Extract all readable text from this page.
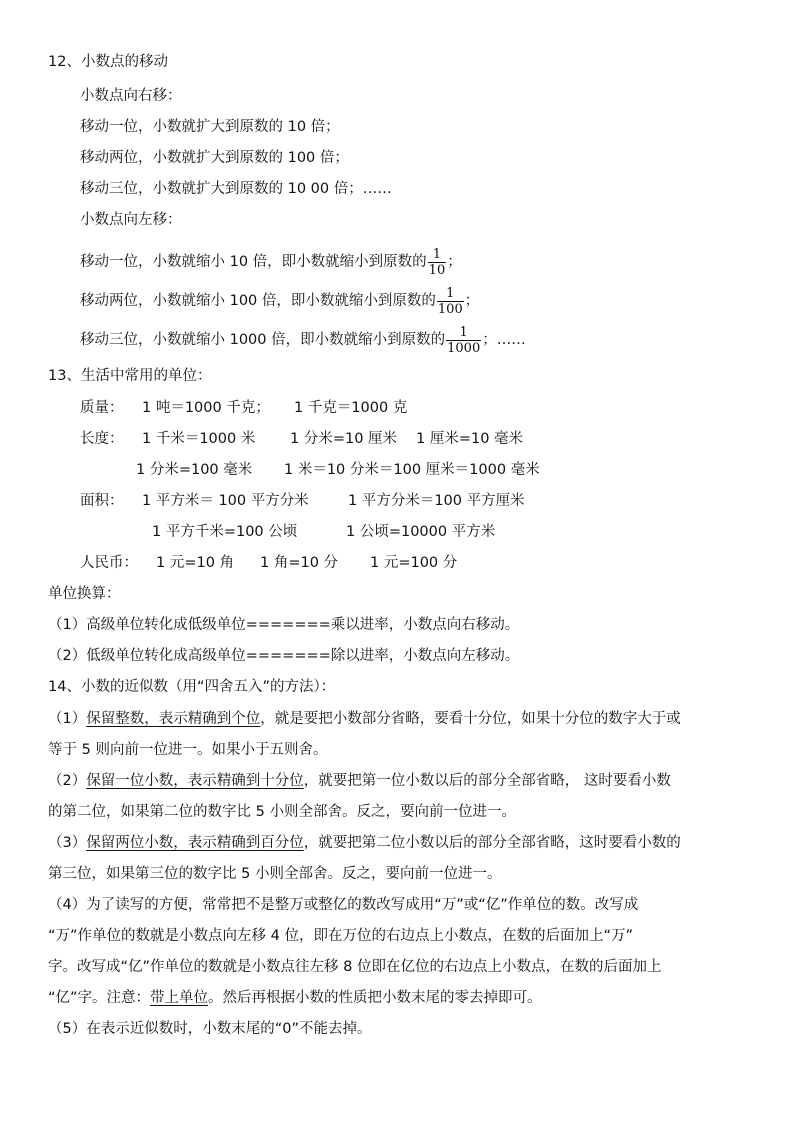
12、小数点的移动
小数点向右移：
移动一位，小数就扩大到原数的 10 倍；
移动两位，小数就扩大到原数的 100 倍；
移动三位，小数就扩大到原数的 10 00 倍；……
小数点向左移：
移动一位，小数就缩小 10 倍，即小数就缩小到原数的 $\frac{1}{10}$ ；
移动两位，小数就缩小 100 倍，即小数就缩小到原数的 $\frac{1}{100}$ ；
移动三位，小数就缩小 1000 倍，即小数就缩小到原数的 $\frac{1}{1000}$ ；……
13、生活中常用的单位：
质量： 1 吨＝1000 千克； 1 千克＝1000 克
长度： 1 千米＝1000 米 1 分米=10 厘米 1 厘米=10 毫米
1 分米=100 毫米 1 米＝10 分米＝100 厘米＝1000 毫米
面积： 1 平方米＝ 100 平方分米	1 平方分米＝100 平方厘米
1 平方千米=100 公顷	1 公顷=10000 平方米
人民币： 1 元=10 角 1 角=10 分 1 元=100 分
单位换算：
（1）高级单位转化成低级单位=======乘以进率，小数点向右移动。
（2）低级单位转化成高级单位=======除以进率，小数点向左移动。
14、小数的近似数（用“四舍五入”的方法）：
（1）保留整数，表示精确到个位，就是要把小数部分省略，要看十分位，如果十分位的数字大于或
等于 5 则向前一位进一。如果小于五则舍。
（2）保留一位小数，表示精确到十分位，就要把第一位小数以后的部分全部省略， 这时要看小数
的第二位，如果第二位的数字比 5 小则全部舍。反之，要向前一位进一。
（3）保留两位小数，表示精确到百分位，就要把第二位小数以后的部分全部省略，这时要看小数的
第三位，如果第三位的数字比 5 小则全部舍。反之，要向前一位进一。
（4）为了读写的方便，常常把不是整万或整亿的数改写成用“万”或“亿”作单位的数。改写成
“万”作单位的数就是小数点向左移 4 位，即在万位的右边点上小数点，在数的后面加上“万”
字。改写成“亿”作单位的数就是小数点往左移 8 位即在亿位的右边点上小数点，在数的后面加上
“亿”字。注意：带上单位。然后再根据小数的性质把小数末尾的零去掉即可。
（5）在表示近似数时，小数末尾的“0”不能去掉。
